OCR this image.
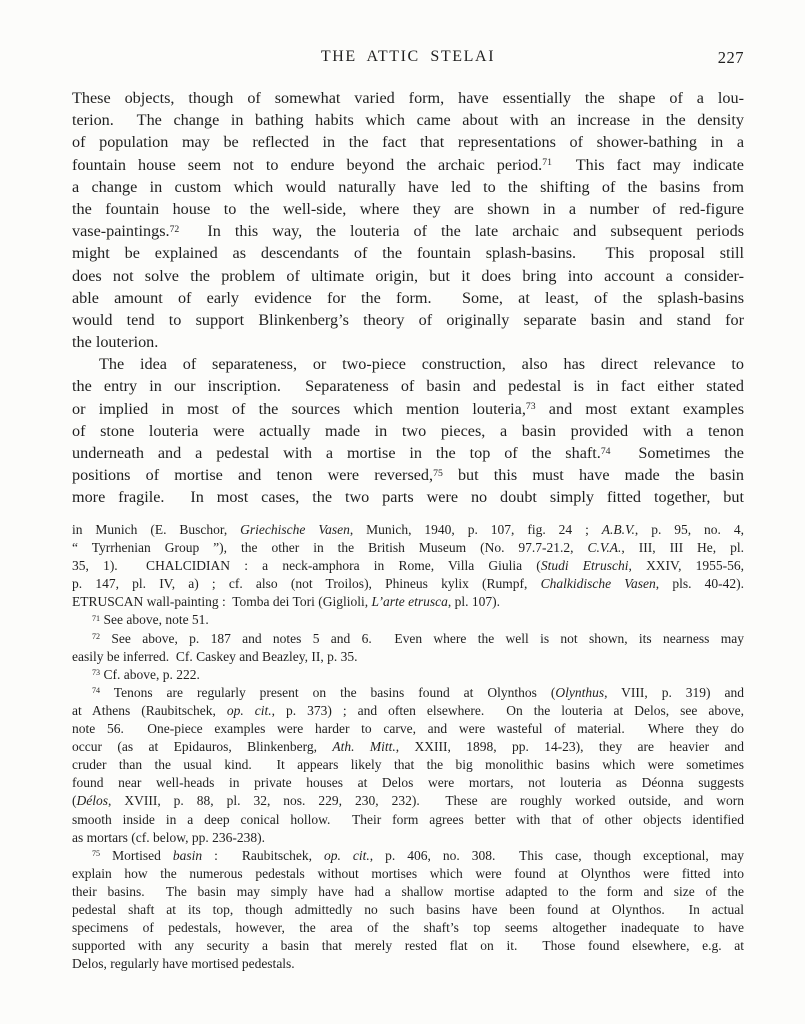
THE ATTIC STELAI	227
These objects, though of somewhat varied form, have essentially the shape of a lou-
terion.  The change in bathing habits which came about with an increase in the density
of population may be reflected in the fact that representations of shower-bathing in a
fountain house seem not to endure beyond the archaic period.$^{71}$  This fact may indicate
a change in custom which would naturally have led to the shifting of the basins from
the fountain house to the well-side, where they are shown in a number of red-figure
vase-paintings.$^{72}$  In this way, the louteria of the late archaic and subsequent periods
might be explained as descendants of the fountain splash-basins.  This proposal still
does not solve the problem of ultimate origin, but it does bring into account a consider-
able amount of early evidence for the form.  Some, at least, of the splash-basins
would tend to support Blinkenberg’s theory of originally separate basin and stand for
the louterion.
The idea of separateness, or two-piece construction, also has direct relevance to
the entry in our inscription.  Separateness of basin and pedestal is in fact either stated
or implied in most of the sources which mention louteria,$^{73}$ and most extant examples
of stone louteria were actually made in two pieces, a basin provided with a tenon
underneath and a pedestal with a mortise in the top of the shaft.$^{74}$  Sometimes the
positions of mortise and tenon were reversed,$^{75}$ but this must have made the basin
more fragile.  In most cases, the two parts were no doubt simply fitted together, but
in Munich (E. Buschor, Griechische Vasen, Munich, 1940, p. 107, fig. 24 ; A.B.V., p. 95, no. 4,
“ Tyrrhenian Group ”), the other in the British Museum (No. 97.7-21.2, C.V.A., III, III He, pl.
35, 1).  CHALCIDIAN : a neck-amphora in Rome, Villa Giulia (Studi Etruschi, XXIV, 1955-56,
p. 147, pl. IV, a) ; cf. also (not Troilos), Phineus kylix (Rumpf, Chalkidische Vasen, pls. 40-42).
ETRUSCAN wall-painting :  Tomba dei Tori (Giglioli, L’arte etrusca, pl. 107).
$^{71}$ See above, note 51.
$^{72}$ See above, p. 187 and notes 5 and 6.  Even where the well is not shown, its nearness may
easily be inferred.  Cf. Caskey and Beazley, II, p. 35.
$^{73}$ Cf. above, p. 222.
$^{74}$ Tenons are regularly present on the basins found at Olynthos (Olynthus, VIII, p. 319) and
at Athens (Raubitschek, op. cit., p. 373) ; and often elsewhere.  On the louteria at Delos, see above,
note 56.  One-piece examples were harder to carve, and were wasteful of material.  Where they do
occur (as at Epidauros, Blinkenberg, Ath. Mitt., XXIII, 1898, pp. 14-23), they are heavier and
cruder than the usual kind.  It appears likely that the big monolithic basins which were sometimes
found near well-heads in private houses at Delos were mortars, not louteria as Déonna suggests
(Délos, XVIII, p. 88, pl. 32, nos. 229, 230, 232).  These are roughly worked outside, and worn
smooth inside in a deep conical hollow.  Their form agrees better with that of other objects identified
as mortars (cf. below, pp. 236-238).
$^{75}$ Mortised basin :  Raubitschek, op. cit., p. 406, no. 308.  This case, though exceptional, may
explain how the numerous pedestals without mortises which were found at Olynthos were fitted into
their basins.  The basin may simply have had a shallow mortise adapted to the form and size of the
pedestal shaft at its top, though admittedly no such basins have been found at Olynthos.  In actual
specimens of pedestals, however, the area of the shaft’s top seems altogether inadequate to have
supported with any security a basin that merely rested flat on it.  Those found elsewhere, e.g. at
Delos, regularly have mortised pedestals.
